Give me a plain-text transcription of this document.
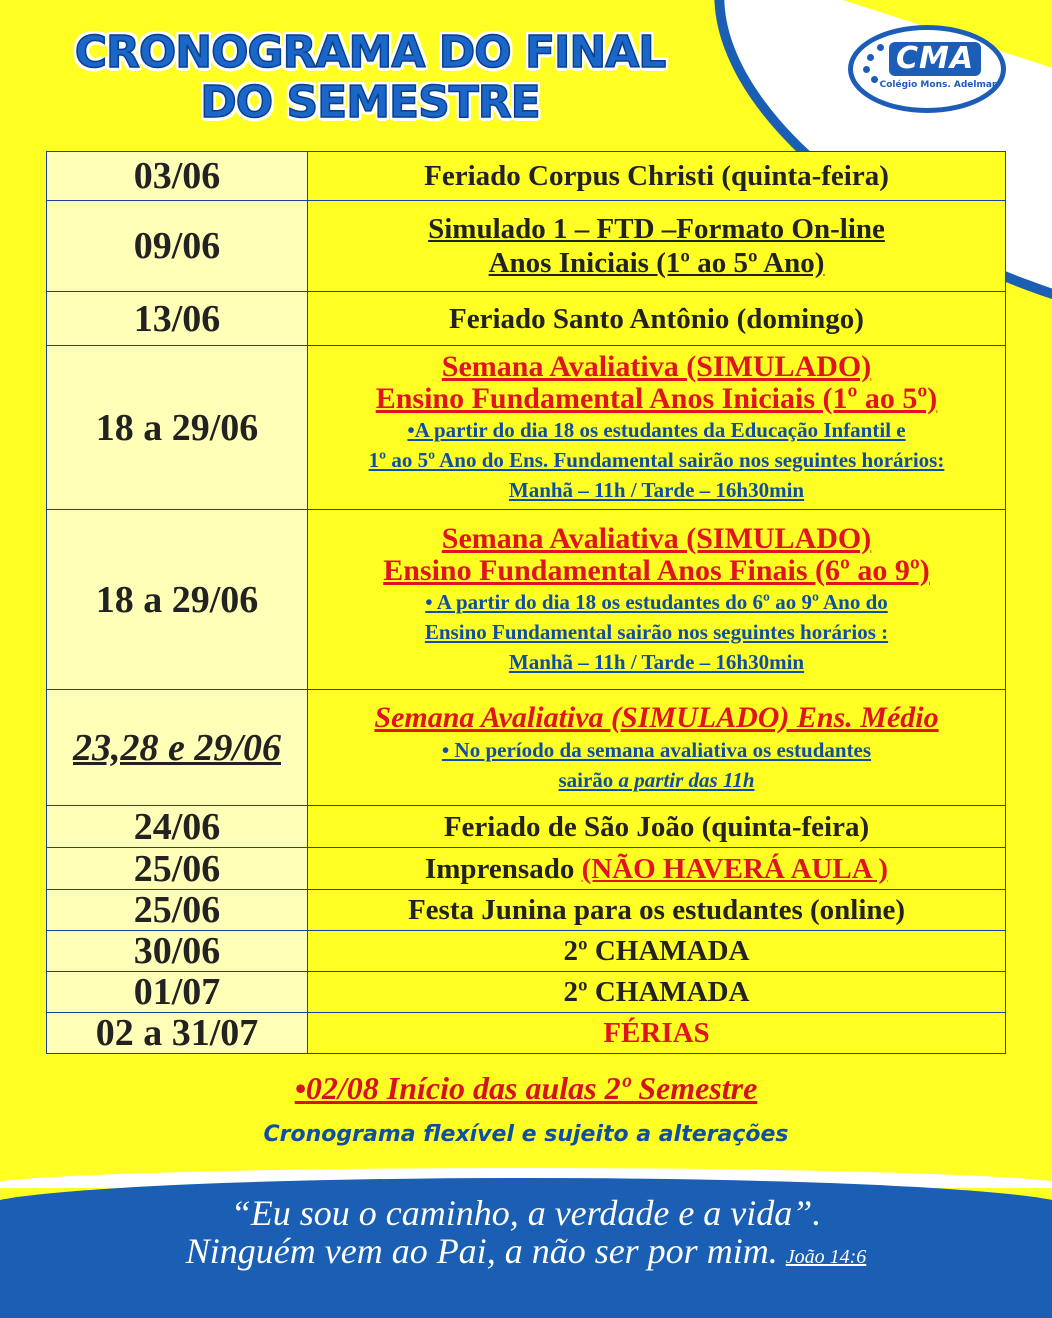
CRONOGRAMA DO FINAL
DO SEMESTRE
CMA
Colégio Mons. Adelmar
03/06	Feriado Corpus Christi (quinta-feira)
09/06	Simulado 1 – FTD –Formato On-line
Anos Iniciais (1º ao 5º Ano)

13/06	Feriado Santo Antônio (domingo)
18 a 29/06	Semana Avaliativa (SIMULADO)
Ensino Fundamental Anos Iniciais (1º ao 5º)
•A partir do dia 18 os estudantes da Educação Infantil e
1º ao 5º Ano do Ens. Fundamental sairão nos seguintes horários:
Manhã – 11h / Tarde – 16h30min

18 a 29/06	Semana Avaliativa (SIMULADO)
Ensino Fundamental Anos Finais (6º ao 9º)
• A partir do dia 18 os estudantes do 6º ao 9º Ano do
Ensino Fundamental sairão nos seguintes horários :
Manhã – 11h / Tarde – 16h30min

23,28 e 29/06	Semana Avaliativa (SIMULADO) Ens. Médio
• No período da semana avaliativa os estudantes
sairão a partir das 11h

24/06	Feriado de São João (quinta-feira)
25/06	Imprensado (NÃO HAVERÁ AULA )
25/06	Festa Junina para os estudantes (online)
30/06	2º CHAMADA
01/07	2º CHAMADA
02 a 31/07	FÉRIAS
•02/08 Início das aulas 2º Semestre
Cronograma flexível e sujeito a alterações
“Eu sou o caminho, a verdade e a vida”.
Ninguém vem ao Pai, a não ser por mim. João 14:6
